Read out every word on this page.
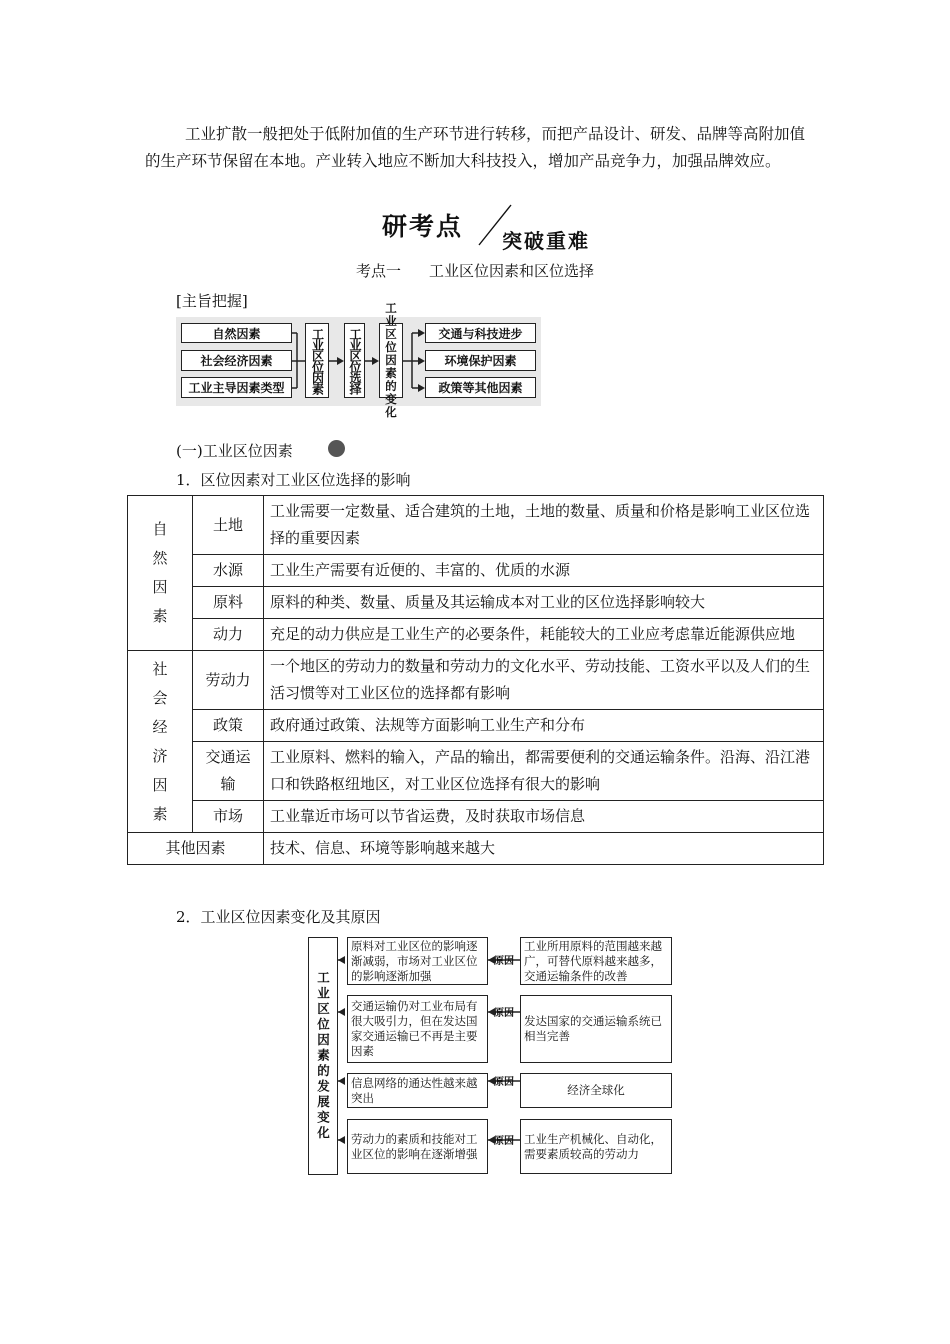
工业扩散一般把处于低附加值的生产环节进行转移，而把产品设计、研发、品牌等高附加值的生产环节保留在本地。产业转入地应不断加大科技投入，增加产品竞争力，加强品牌效应。
研考点 突破重难
考点一 工业区位因素和区位选择
[主旨把握]
自然因素
社会经济因素
工业主导因素类型	工业区位因素 工业区位选择
工业区位因素的变化
交通与科技进步
环境保护因素
政策等其他因素
(一)工业区位因素
1．区位因素对工业区位选择的影响
自然因素	土地	工业需要一定数量、适合建筑的土地，土地的数量、质量和价格是影响工业区位选择的重要因素
	水源	工业生产需要有近便的、丰富的、优质的水源
	原料	原料的种类、数量、质量及其运输成本对工业的区位选择影响较大
	动力	充足的动力供应是工业生产的必要条件，耗能较大的工业应考虑靠近能源供应地
社会经济因素	劳动力	一个地区的劳动力的数量和劳动力的文化水平、劳动技能、工资水平以及人们的生活习惯等对工业区位的选择都有影响
	政策	政府通过政策、法规等方面影响工业生产和分布
	交通运输	工业原料、燃料的输入，产品的输出，都需要便利的交通运输条件。沿海、沿江港口和铁路枢纽地区，对工业区位选择有很大的影响
	市场	工业靠近市场可以节省运费，及时获取市场信息
其他因素		技术、信息、环境等影响越来越大
2．工业区位因素变化及其原因
工业区位因素的发展变化
原料对工业区位的影响逐渐减弱，市场对工业区位的影响逐渐加强
原因
工业所用原料的范围越来越广，可替代原料越来越多，交通运输条件的改善
交通运输仍对工业布局有很大吸引力，但在发达国家交通运输已不再是主要因素
原因
发达国家的交通运输系统已相当完善
信息网络的通达性越来越突出
原因
经济全球化
劳动力的素质和技能对工业区位的影响在逐渐增强
原因 工业生产机械化、自动化，需要素质较高的劳动力
